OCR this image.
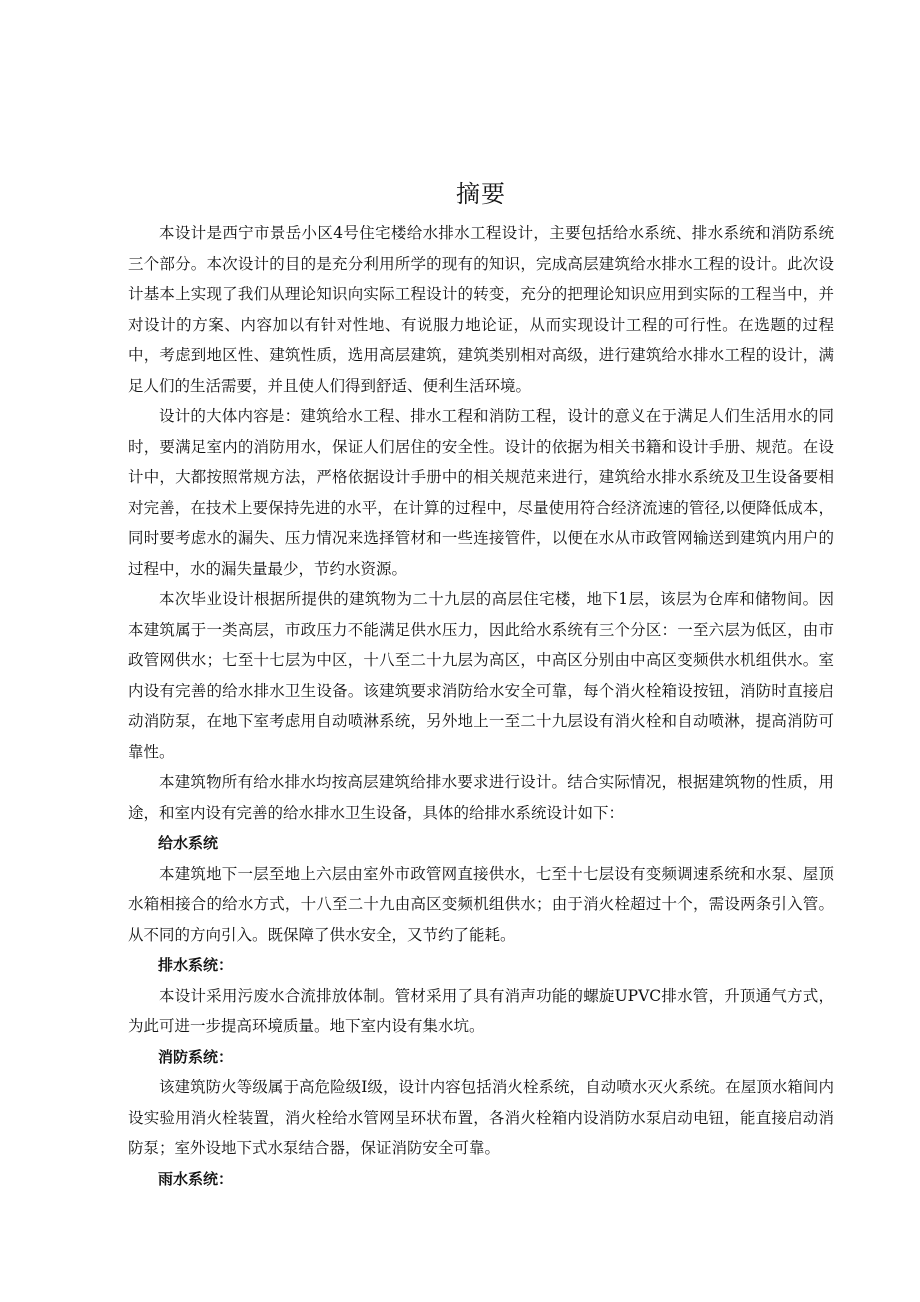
摘要

本设计是西宁市景岳小区4号住宅楼给水排水工程设计，主要包括给水系统、排水系统和消防系统三个部分。本次设计的目的是充分利用所学的现有的知识，完成高层建筑给水排水工程的设计。此次设计基本上实现了我们从理论知识向实际工程设计的转变，充分的把理论知识应用到实际的工程当中，并对设计的方案、内容加以有针对性地、有说服力地论证，从而实现设计工程的可行性。在选题的过程中，考虑到地区性、建筑性质，选用高层建筑，建筑类别相对高级，进行建筑给水排水工程的设计，满足人们的生活需要，并且使人们得到舒适、便利生活环境。

设计的大体内容是：建筑给水工程、排水工程和消防工程，设计的意义在于满足人们生活用水的同时，要满足室内的消防用水，保证人们居住的安全性。设计的依据为相关书籍和设计手册、规范。在设计中，大都按照常规方法，严格依据设计手册中的相关规范来进行，建筑给水排水系统及卫生设备要相对完善，在技术上要保持先进的水平，在计算的过程中，尽量使用符合经济流速的管径,以便降低成本，同时要考虑水的漏失、压力情况来选择管材和一些连接管件，以便在水从市政管网输送到建筑内用户的过程中，水的漏失量最少，节约水资源。

本次毕业设计根据所提供的建筑物为二十九层的高层住宅楼，地下1层，该层为仓库和储物间。因本建筑属于一类高层，市政压力不能满足供水压力，因此给水系统有三个分区：一至六层为低区，由市政管网供水；七至十七层为中区，十八至二十九层为高区，中高区分别由中高区变频供水机组供水。室内设有完善的给水排水卫生设备。该建筑要求消防给水安全可靠，每个消火栓箱设按钮，消防时直接启动消防泵，在地下室考虑用自动喷淋系统，另外地上一至二十九层设有消火栓和自动喷淋，提高消防可靠性。

本建筑物所有给水排水均按高层建筑给排水要求进行设计。结合实际情况，根据建筑物的性质，用途，和室内设有完善的给水排水卫生设备，具体的给排水系统设计如下：

给水系统

本建筑地下一层至地上六层由室外市政管网直接供水，七至十七层设有变频调速系统和水泵、屋顶水箱相接合的给水方式，十八至二十九由高区变频机组供水；由于消火栓超过十个，需设两条引入管。从不同的方向引入。既保障了供水安全，又节约了能耗。

排水系统：

本设计采用污废水合流排放体制。管材采用了具有消声功能的螺旋UPVC排水管，升顶通气方式，为此可进一步提高环境质量。地下室内设有集水坑。

消防系统：

该建筑防火等级属于高危险级Ⅰ级，设计内容包括消火栓系统，自动喷水灭火系统。在屋顶水箱间内设实验用消火栓装置，消火栓给水管网呈环状布置，各消火栓箱内设消防水泵启动电钮，能直接启动消防泵；室外设地下式水泵结合器，保证消防安全可靠。

雨水系统：
